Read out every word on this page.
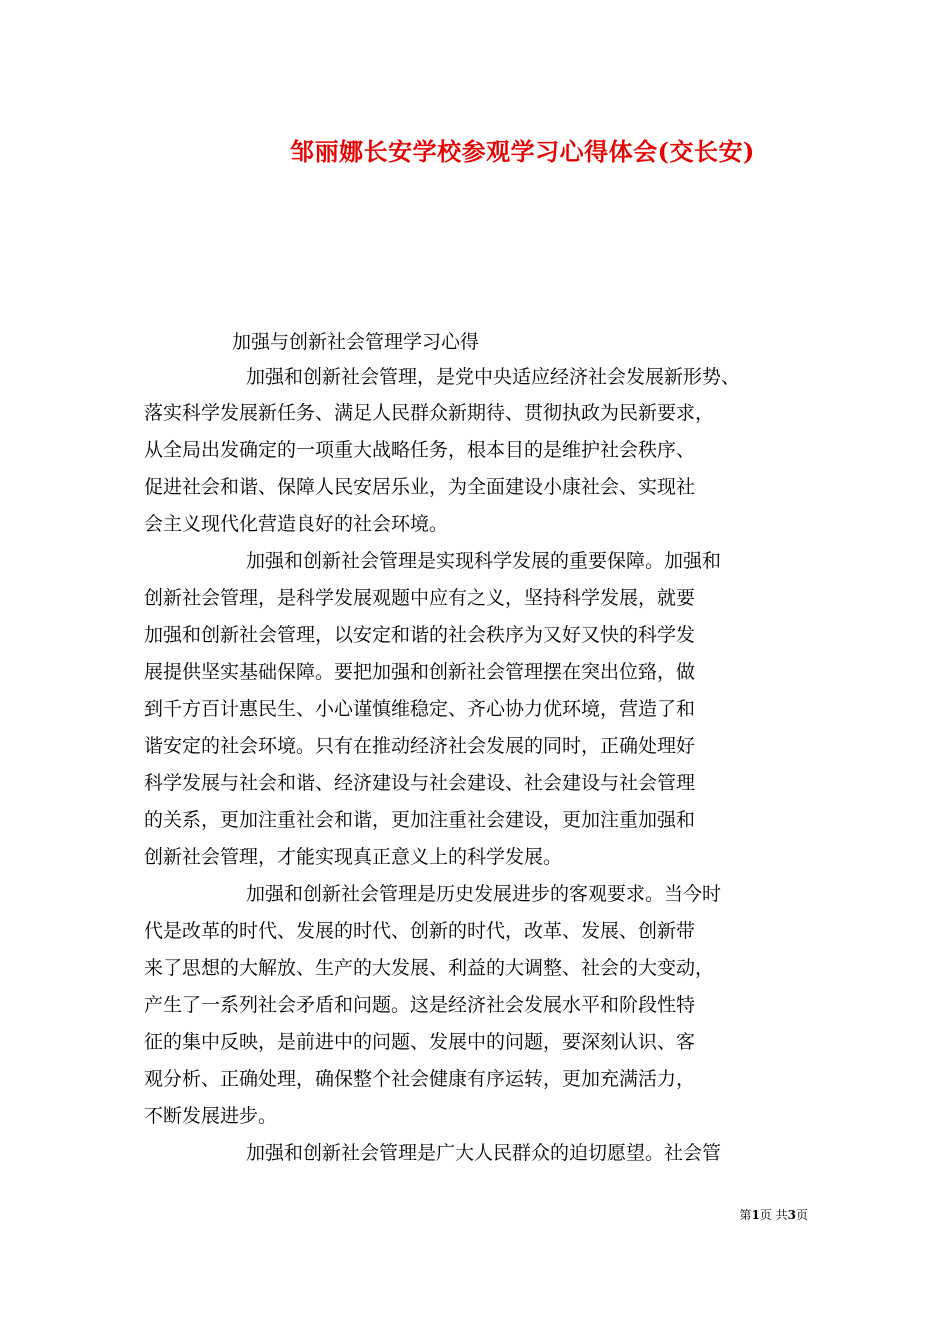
邹丽娜长安学校参观学习心得体会(交长安)
加强与创新社会管理学习心得
加强和创新社会管理，是党中央适应经济社会发展新形势、
落实科学发展新任务、满足人民群众新期待、贯彻执政为民新要求，
从全局出发确定的一项重大战略任务，根本目的是维护社会秩序、
促进社会和谐、保障人民安居乐业，为全面建设小康社会、实现社
会主义现代化营造良好的社会环境。
加强和创新社会管理是实现科学发展的重要保障。加强和
创新社会管理，是科学发展观题中应有之义，坚持科学发展，就要
加强和创新社会管理，以安定和谐的社会秩序为又好又快的科学发
展提供坚实基础保障。要把加强和创新社会管理摆在突出位臵，做
到千方百计惠民生、小心谨慎维稳定、齐心协力优环境，营造了和
谐安定的社会环境。只有在推动经济社会发展的同时，正确处理好
科学发展与社会和谐、经济建设与社会建设、社会建设与社会管理
的关系，更加注重社会和谐，更加注重社会建设，更加注重加强和
创新社会管理，才能实现真正意义上的科学发展。
加强和创新社会管理是历史发展进步的客观要求。当今时
代是改革的时代、发展的时代、创新的时代，改革、发展、创新带
来了思想的大解放、生产的大发展、利益的大调整、社会的大变动，
产生了一系列社会矛盾和问题。这是经济社会发展水平和阶段性特
征的集中反映，是前进中的问题、发展中的问题，要深刻认识、客
观分析、正确处理，确保整个社会健康有序运转，更加充满活力，
不断发展进步。
加强和创新社会管理是广大人民群众的迫切愿望。社会管
第1页 共3页
